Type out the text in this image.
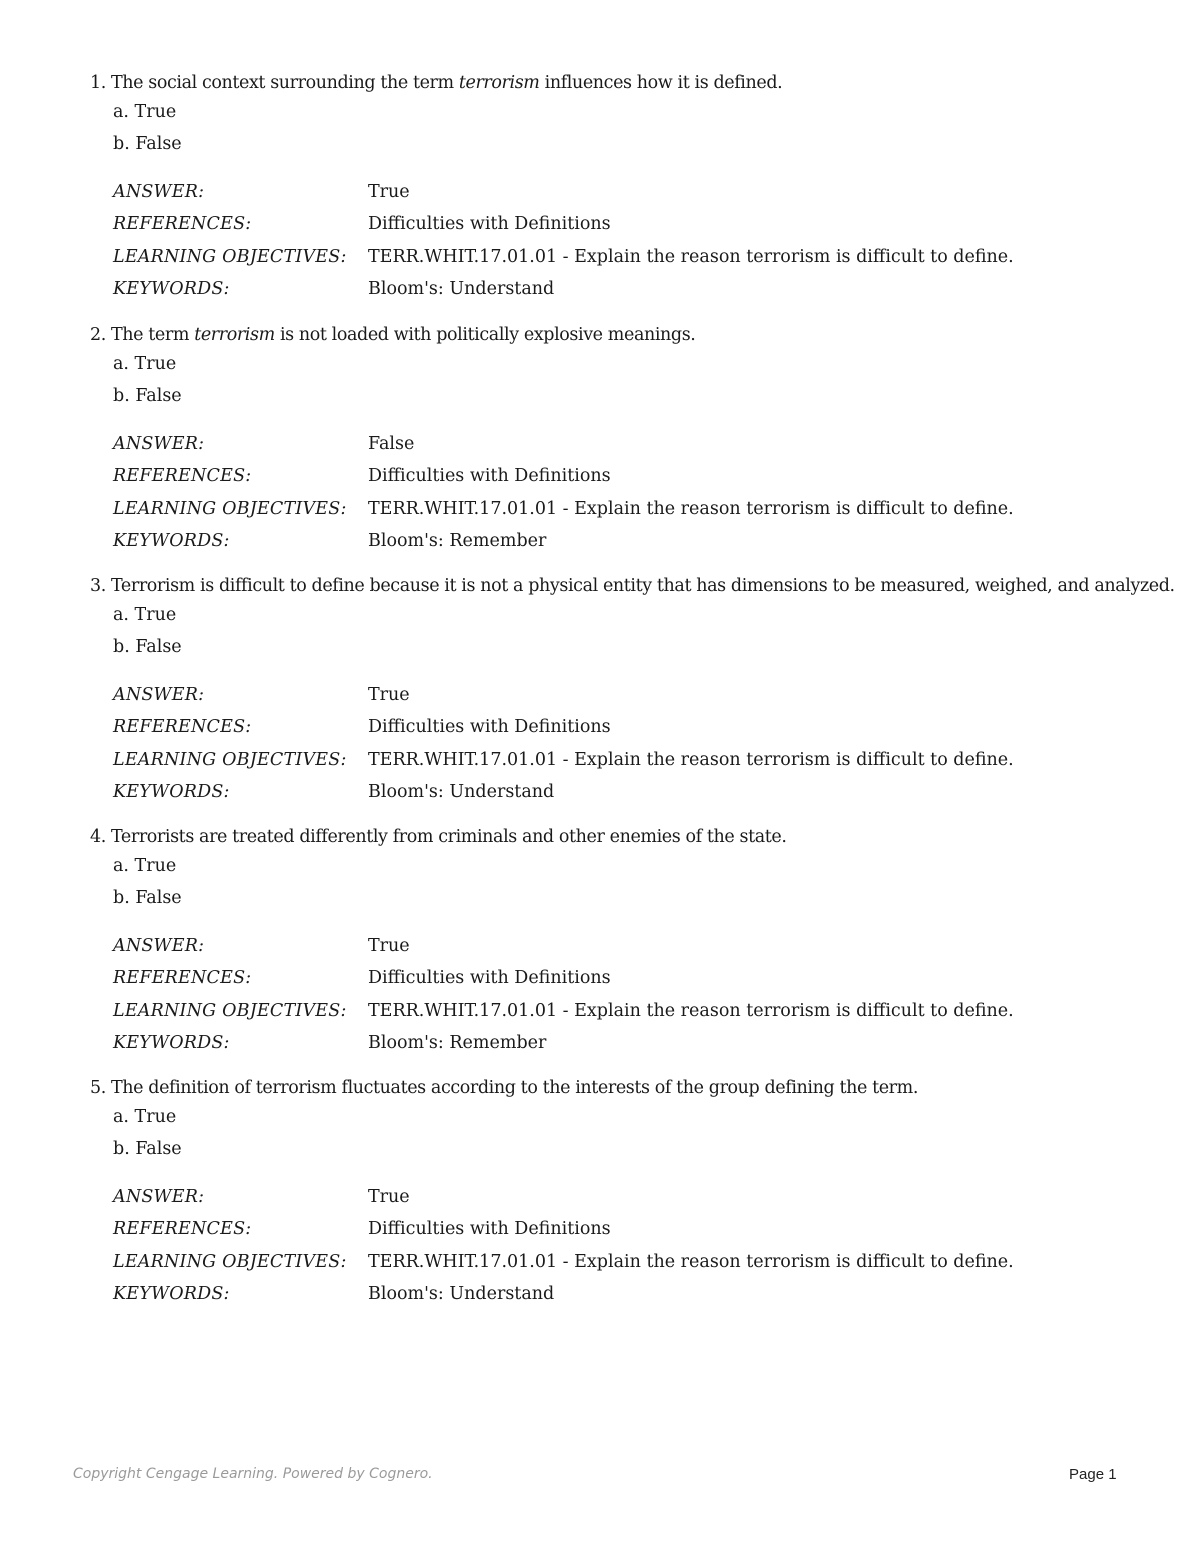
1. The social context surrounding the term terrorism influences how it is defined.
a. True
b. False
ANSWER:	True
REFERENCES:	Difficulties with Definitions
LEARNING OBJECTIVES: TERR.WHIT.17.01.01 - Explain the reason terrorism is difficult to define.
KEYWORDS:	Bloom's: Understand
2. The term terrorism is not loaded with politically explosive meanings.
a. True
b. False
ANSWER:	False
REFERENCES:	Difficulties with Definitions
LEARNING OBJECTIVES: TERR.WHIT.17.01.01 - Explain the reason terrorism is difficult to define.
KEYWORDS:	Bloom's: Remember
3. Terrorism is difficult to define because it is not a physical entity that has dimensions to be measured, weighed, and analyzed.
a. True
b. False
ANSWER:	True
REFERENCES:	Difficulties with Definitions
LEARNING OBJECTIVES: TERR.WHIT.17.01.01 - Explain the reason terrorism is difficult to define.
KEYWORDS:	Bloom's: Understand
4. Terrorists are treated differently from criminals and other enemies of the state.
a. True
b. False
ANSWER:	True
REFERENCES:	Difficulties with Definitions
LEARNING OBJECTIVES: TERR.WHIT.17.01.01 - Explain the reason terrorism is difficult to define.
KEYWORDS:	Bloom's: Remember
5. The definition of terrorism fluctuates according to the interests of the group defining the term.
a. True
b. False
ANSWER:	True
REFERENCES:	Difficulties with Definitions
LEARNING OBJECTIVES: TERR.WHIT.17.01.01 - Explain the reason terrorism is difficult to define.
KEYWORDS:	Bloom's: Understand
Copyright Cengage Learning. Powered by Cognero.	Page 1
